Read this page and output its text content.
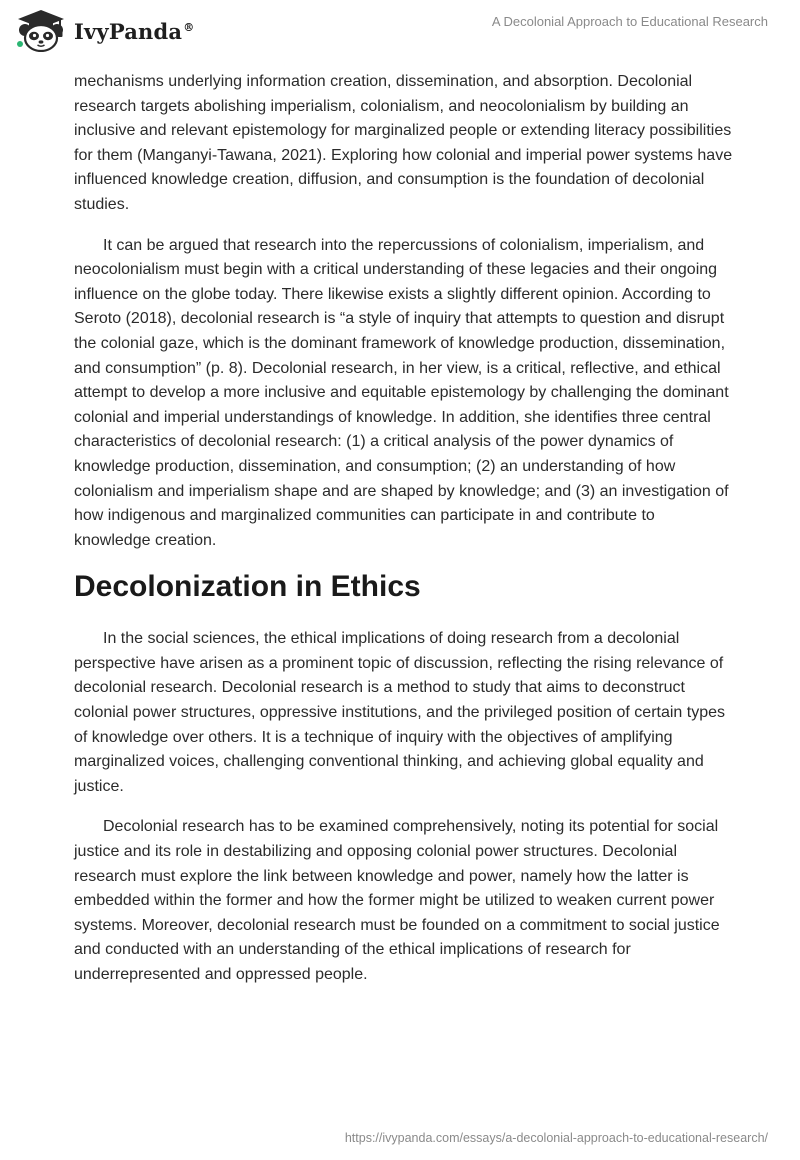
IvyPanda®	A Decolonial Approach to Educational Research

mechanisms underlying information creation, dissemination, and absorption. Decolonial research targets abolishing imperialism, colonialism, and neocolonialism by building an inclusive and relevant epistemology for marginalized people or extending literacy possibilities for them (Manganyi-Tawana, 2021). Exploring how colonial and imperial power systems have influenced knowledge creation, diffusion, and consumption is the foundation of decolonial studies.

It can be argued that research into the repercussions of colonialism, imperialism, and neocolonialism must begin with a critical understanding of these legacies and their ongoing influence on the globe today. There likewise exists a slightly different opinion. According to Seroto (2018), decolonial research is “a style of inquiry that attempts to question and disrupt the colonial gaze, which is the dominant framework of knowledge production, dissemination, and consumption” (p. 8). Decolonial research, in her view, is a critical, reflective, and ethical attempt to develop a more inclusive and equitable epistemology by challenging the dominant colonial and imperial understandings of knowledge. In addition, she identifies three central characteristics of decolonial research: (1) a critical analysis of the power dynamics of knowledge production, dissemination, and consumption; (2) an understanding of how colonialism and imperialism shape and are shaped by knowledge; and (3) an investigation of how indigenous and marginalized communities can participate in and contribute to knowledge creation.

Decolonization in Ethics

In the social sciences, the ethical implications of doing research from a decolonial perspective have arisen as a prominent topic of discussion, reflecting the rising relevance of decolonial research. Decolonial research is a method to study that aims to deconstruct colonial power structures, oppressive institutions, and the privileged position of certain types of knowledge over others. It is a technique of inquiry with the objectives of amplifying marginalized voices, challenging conventional thinking, and achieving global equality and justice.

Decolonial research has to be examined comprehensively, noting its potential for social justice and its role in destabilizing and opposing colonial power structures. Decolonial research must explore the link between knowledge and power, namely how the latter is embedded within the former and how the former might be utilized to weaken current power systems. Moreover, decolonial research must be founded on a commitment to social justice and conducted with an understanding of the ethical implications of research for underrepresented and oppressed people.

https://ivypanda.com/essays/a-decolonial-approach-to-educational-research/
